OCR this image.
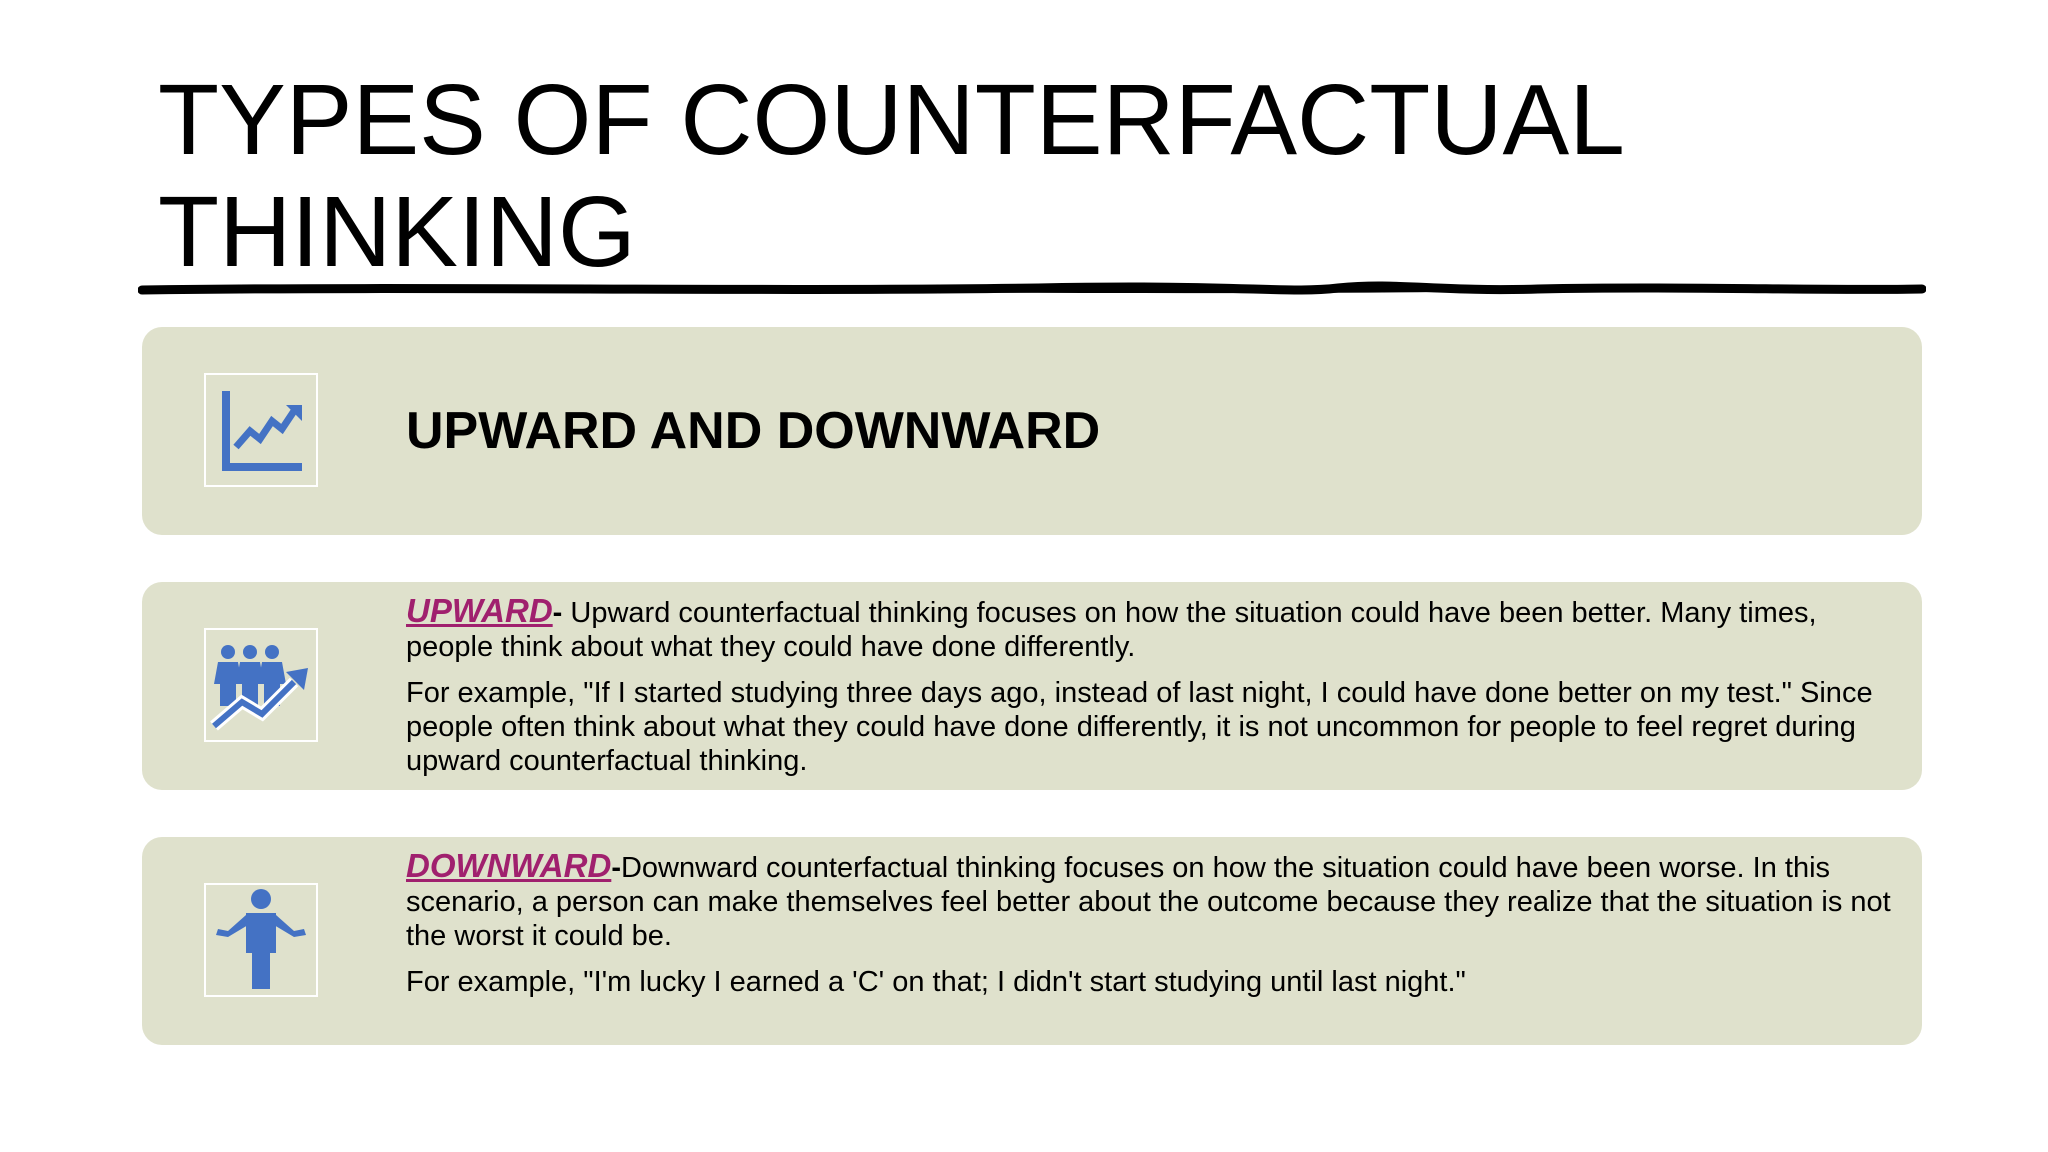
TYPES OF COUNTERFACTUAL THINKING
UPWARD AND DOWNWARD

UPWARD- Upward counterfactual thinking focuses on how the situation could have been better. Many times, people think about what they could have done differently.

For example, "If I started studying three days ago, instead of last night, I could have done better on my test." Since people often think about what they could have done differently, it is not uncommon for people to feel regret during upward counterfactual thinking.

DOWNWARD-Downward counterfactual thinking focuses on how the situation could have been worse. In this scenario, a person can make themselves feel better about the outcome because they realize that the situation is not the worst it could be.

For example, "I'm lucky I earned a 'C' on that; I didn't start studying until last night."
